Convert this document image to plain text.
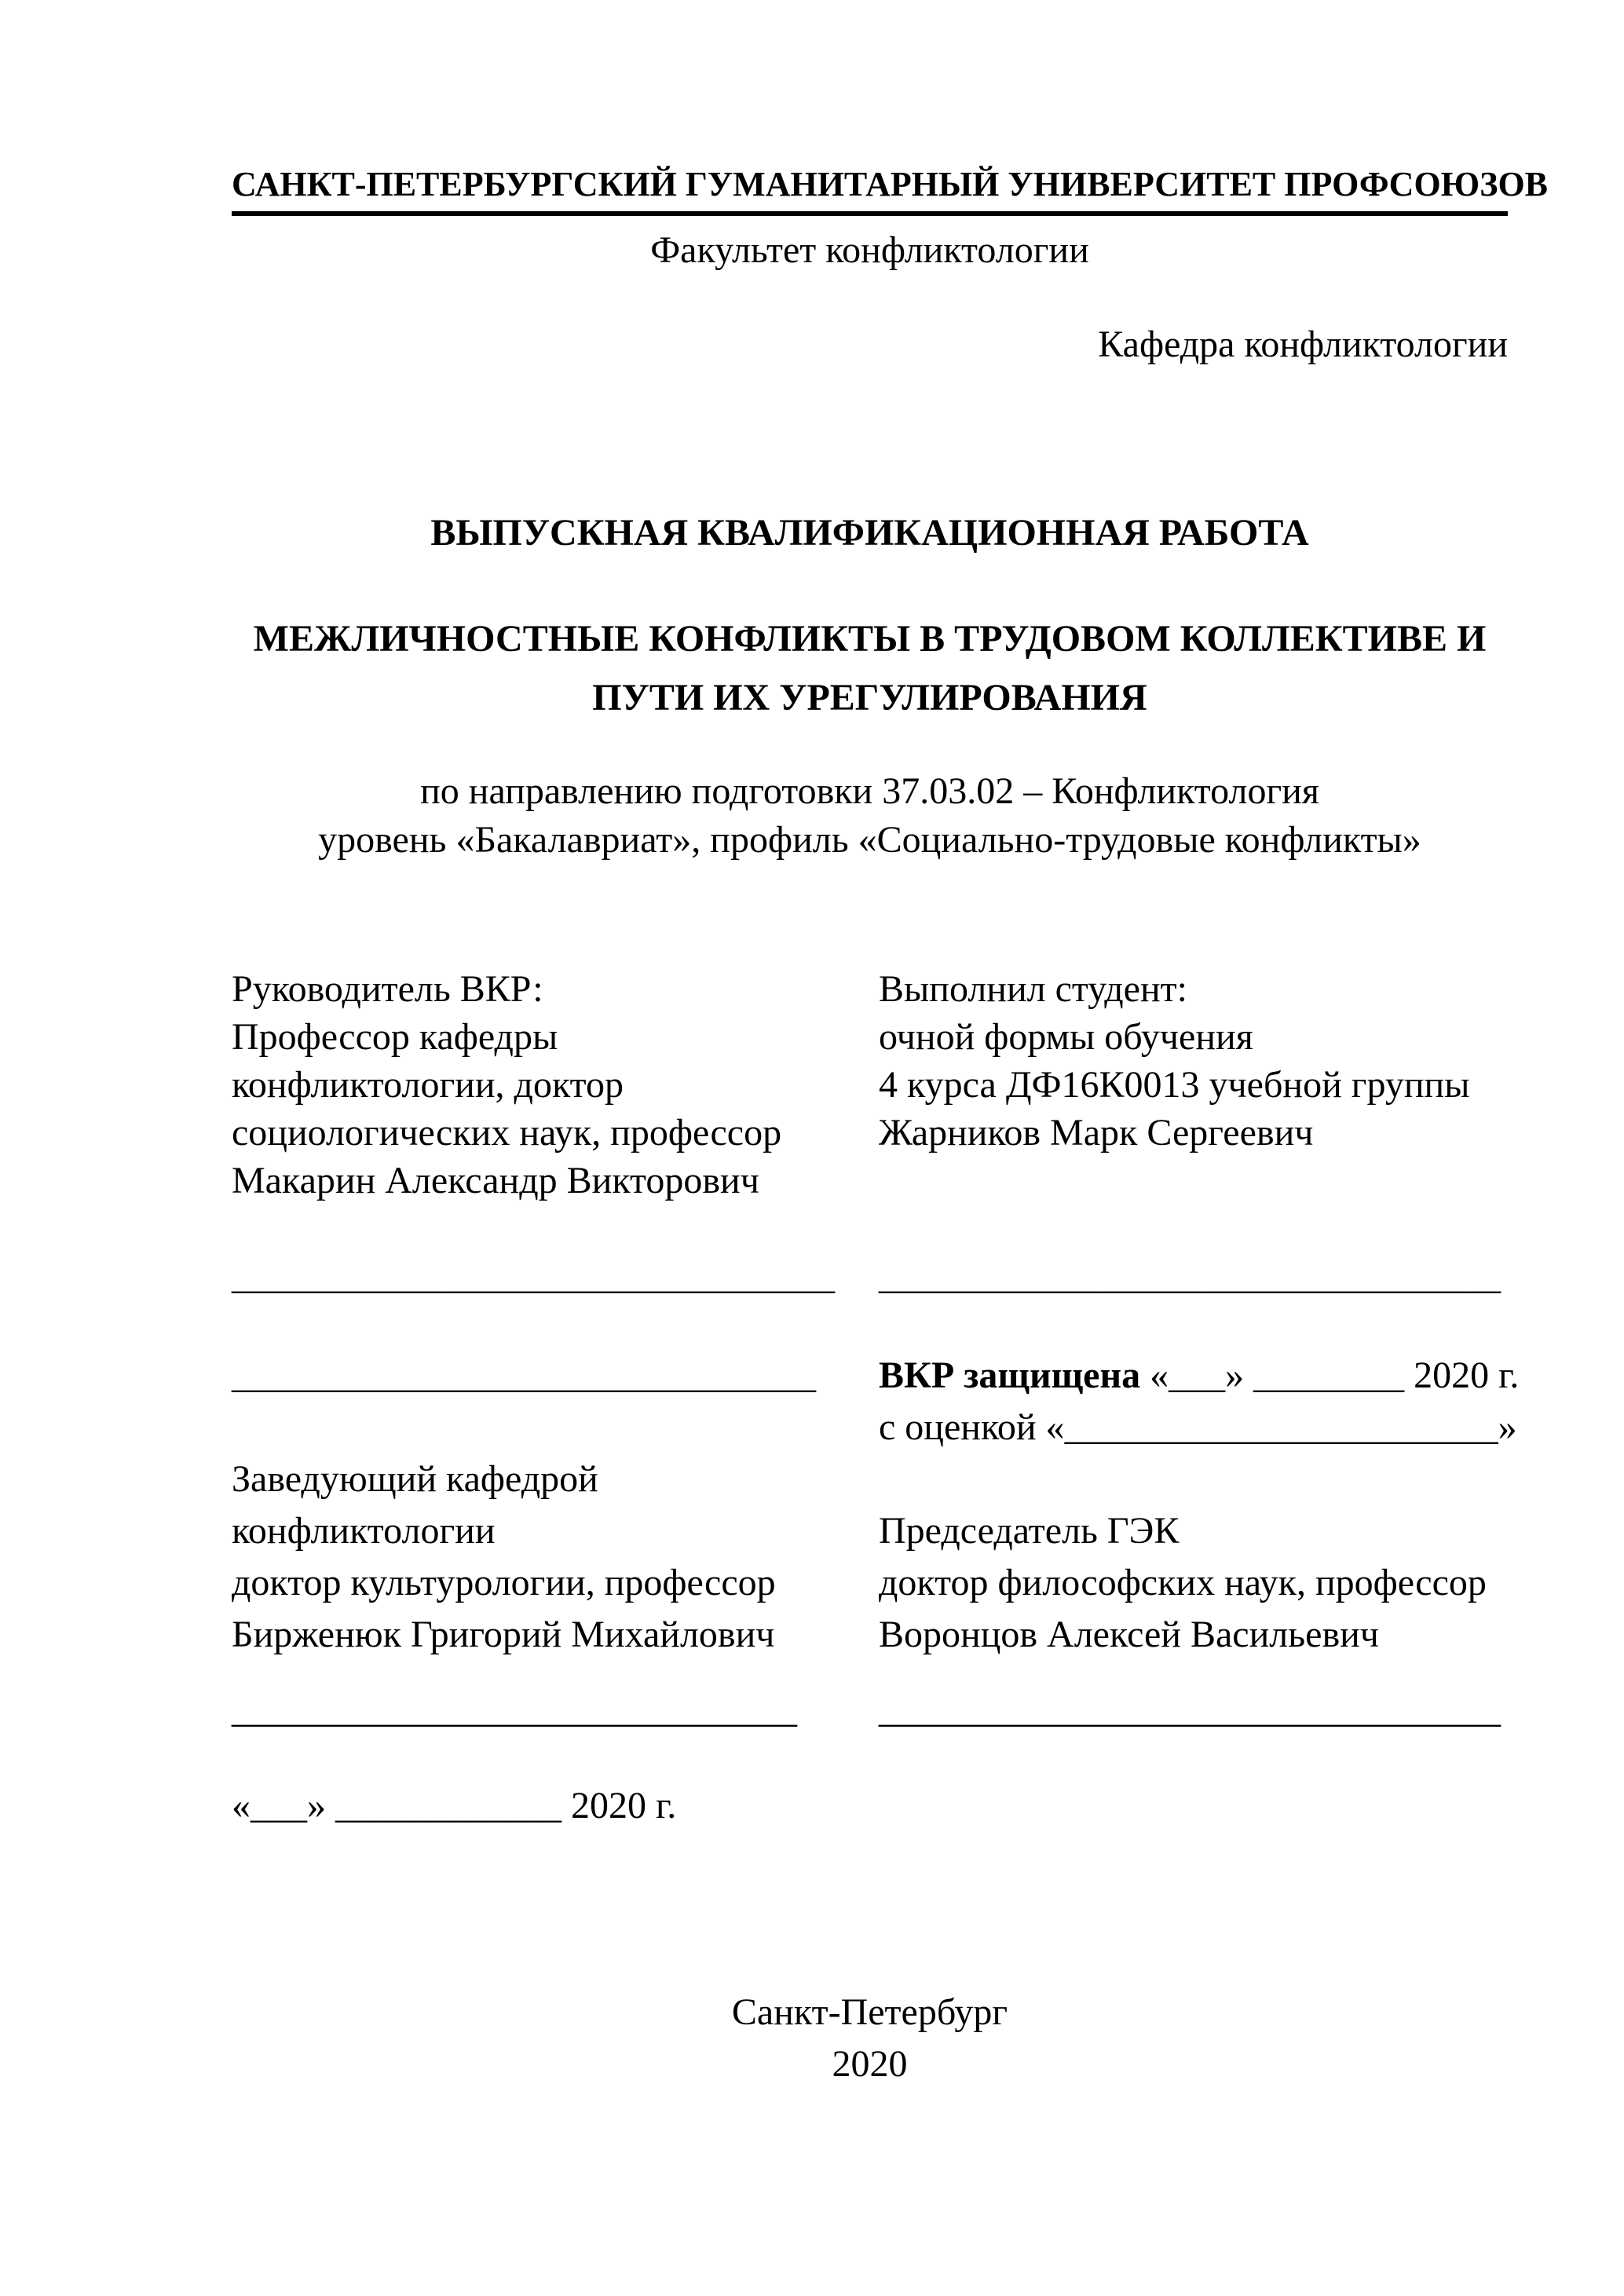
САНКТ-ПЕТЕРБУРГСКИЙ ГУМАНИТАРНЫЙ УНИВЕРСИТЕТ ПРОФСОЮЗОВ
Факультет конфликтологии
Кафедра конфликтологии
ВЫПУСКНАЯ КВАЛИФИКАЦИОННАЯ РАБОТА
МЕЖЛИЧНОСТНЫЕ КОНФЛИКТЫ В ТРУДОВОМ КОЛЛЕКТИВЕ И
ПУТИ ИХ УРЕГУЛИРОВАНИЯ
по направлению подготовки 37.03.02 – Конфликтология
уровень «Бакалавриат», профиль «Социально-трудовые конфликты»
Руководитель ВКР:
Профессор кафедры
конфликтологии, доктор
социологических наук, профессор
Макарин Александр Викторович
Выполнил студент:
очной формы обучения
4 курса ДФ16К0013 учебной группы
Жарников Марк Сергеевич
________________________________	_________________________________
_______________________________

Заведующий кафедрой
конфликтологии
доктор культурологии, профессор
Бирженюк Григорий Михайлович
ВКР защищена «___» ________ 2020 г.
с оценкой «_______________________»

Председатель ГЭК
доктор философских наук, профессор
Воронцов Алексей Васильевич
______________________________	_________________________________
«___» ____________ 2020 г.
Санкт-Петербург
2020
